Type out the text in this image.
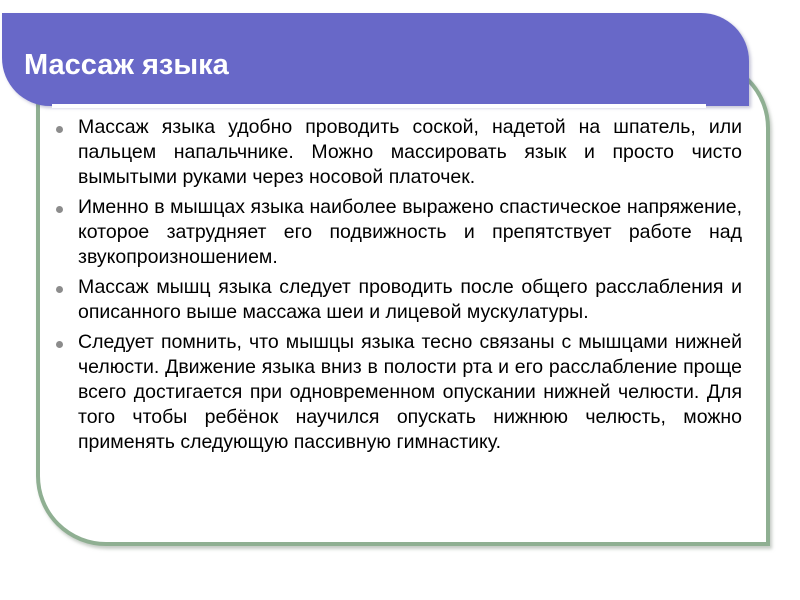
Массаж языка
Массаж языка удобно проводить соской, надетой на шпатель, или пальцем напальчнике. Можно массировать язык и просто чисто вымытыми руками через носовой платочек.
Именно в мышцах языка наиболее выражено спастическое напряжение, которое затрудняет его подвижность и препятствует работе над звукопроизношением.
Массаж мышц языка следует проводить после общего расслабления и описанного выше массажа шеи и лицевой мускулатуры.
Следует помнить, что мышцы языка тесно связаны с мышцами нижней челюсти. Движение языка вниз в полости рта и его расслабление проще всего достигается при одновременном опускании нижней челюсти. Для того чтобы ребёнок научился опускать нижнюю челюсть, можно применять следующую пассивную гимнастику.
